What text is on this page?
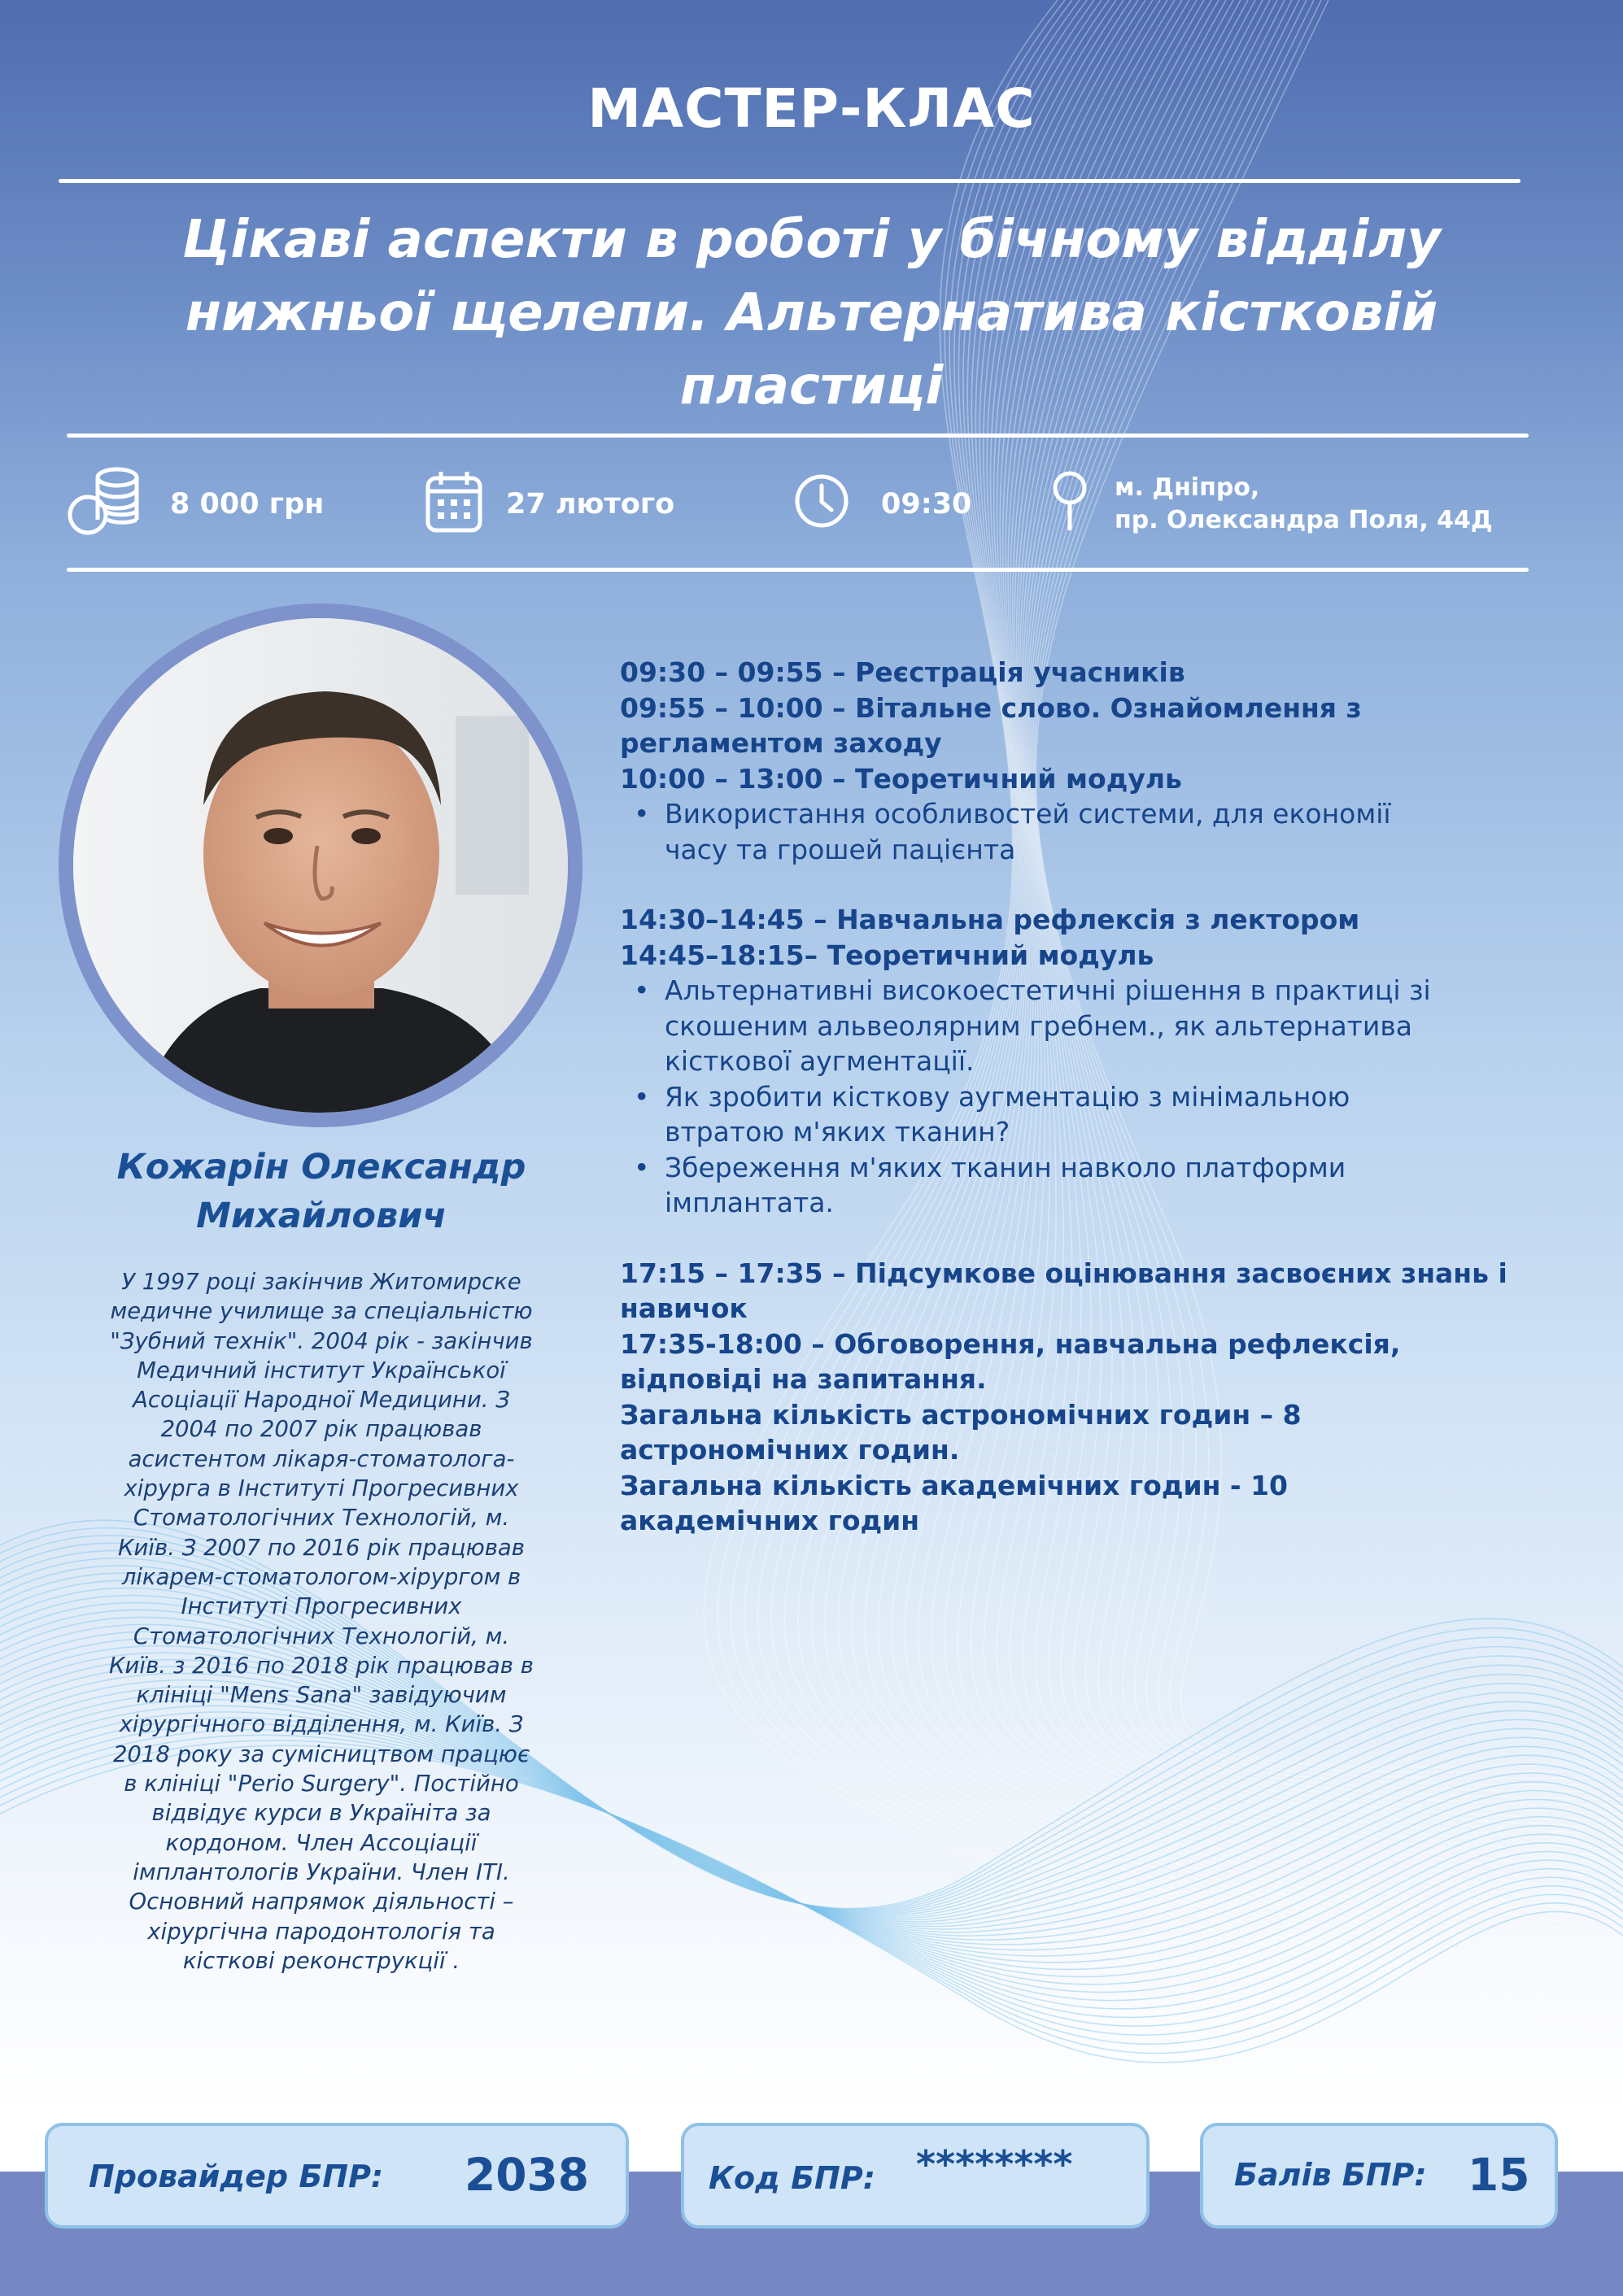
МАСТЕР-КЛАС
Цікаві аспекти в роботі у бічному відділу
нижньої щелепи. Альтернатива кістковій
пластиці
8 000 грн	27 лютого	09:30
м. Дніпро,
пр. Олександра Поля, 44Д
Кожарін Олександр
Михайлович
У 1997 році закінчив Житомирске
медичне училище за спеціальністю
"Зубний технік". 2004 рік - закінчив
Медичний інститут Української
Асоціації Народної Медицини. З
2004 по 2007 рік працював
асистентом лікаря-стоматолога-
хірурга в Інституті Прогресивних
Стоматологічних Технологій, м.
Київ. З 2007 по 2016 рік працював
лікарем-стоматологом-хірургом в
Інституті Прогресивних
Стоматологічних Технологій, м.
Київ. з 2016 по 2018 рік працював в
клініці "Mens Sana" завідуючим
хірургічного відділення, м. Київ. З
2018 року за сумісництвом працює
в клініці "Perio Surgery". Постійно
відвідує курси в Україніта за
кордоном. Член Ассоціації
імплантологів України. Член ITI.
Основний напрямок діяльності –
хірургічна пародонтологія та
кісткові реконструкції .
09:30 – 09:55 – Реєстрація учасників
09:55 – 10:00 – Вітальне слово. Ознайомлення з
регламентом заходу
10:00 – 13:00 – Теоретичний модуль
• Використання особливостей системи, для економії
часу та грошей пацієнта
14:30–14:45 – Навчальна рефлексія з лектором
14:45–18:15– Теоретичний модуль
• Альтернативні високоестетичні рішення в практиці зі
скошеним альвеолярним гребнем., як альтернатива
кісткової аугментації.
• Як зробити кісткову аугментацію з мінімальною
втратою м'яких тканин?
• Збереження м'яких тканин навколо платформи
імплантата.
17:15 – 17:35 – Підсумкове оцінювання засвоєних знань і
навичок
17:35-18:00 – Обговорення, навчальна рефлексія,
відповіді на запитання.
Загальна кількість астрономічних годин – 8
астрономічних годин.
Загальна кількість академічних годин - 10
академічних годин
Провайдер БПР: 2038	Код БПР: ********	Балів БПР: 15
